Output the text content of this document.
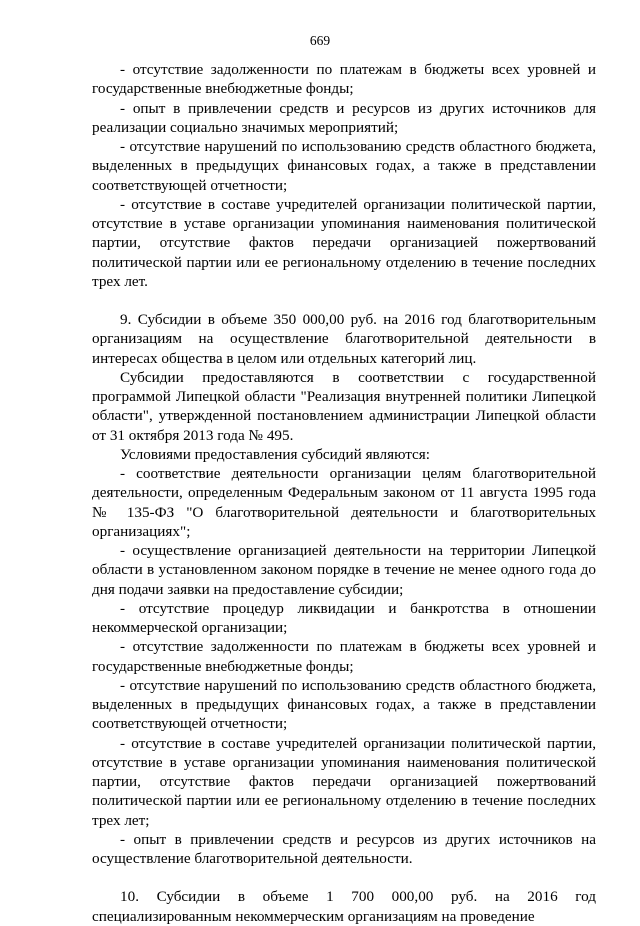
669

- отсутствие задолженности по платежам в бюджеты всех уровней и государственные внебюджетные фонды;

- опыт в привлечении средств и ресурсов из других источников для реализации социально значимых мероприятий;

- отсутствие нарушений по использованию средств областного бюджета, выделенных в предыдущих финансовых годах, а также в представлении соответствующей отчетности;

- отсутствие в составе учредителей организации политической партии, отсутствие в уставе организации упоминания наименования политической партии, отсутствие фактов передачи организацией пожертвований политической партии или ее региональному отделению в течение последних трех лет.

9. Субсидии в объеме 350 000,00 руб. на 2016 год благотворительным организациям на осуществление благотворительной деятельности в интересах общества в целом или отдельных категорий лиц.

Субсидии предоставляются в соответствии с государственной программой Липецкой области "Реализация внутренней политики Липецкой области", утвержденной постановлением администрации Липецкой области от 31 октября 2013 года № 495.

Условиями предоставления субсидий являются:

- соответствие деятельности организации целям благотворительной деятельности, определенным Федеральным законом от 11 августа 1995 года № 135-ФЗ "О благотворительной деятельности и благотворительных организациях";

- осуществление организацией деятельности на территории Липецкой области в установленном законом порядке в течение не менее одного года до дня подачи заявки на предоставление субсидии;

- отсутствие процедур ликвидации и банкротства в отношении некоммерческой организации;

- отсутствие задолженности по платежам в бюджеты всех уровней и государственные внебюджетные фонды;

- отсутствие нарушений по использованию средств областного бюджета, выделенных в предыдущих финансовых годах, а также в представлении соответствующей отчетности;

- отсутствие в составе учредителей организации политической партии, отсутствие в уставе организации упоминания наименования политической партии, отсутствие фактов передачи организацией пожертвований политической партии или ее региональному отделению в течение последних трех лет;

- опыт в привлечении средств и ресурсов из других источников на осуществление благотворительной деятельности.

10. Субсидии в объеме 1 700 000,00 руб. на 2016 год специализированным некоммерческим организациям на проведение
